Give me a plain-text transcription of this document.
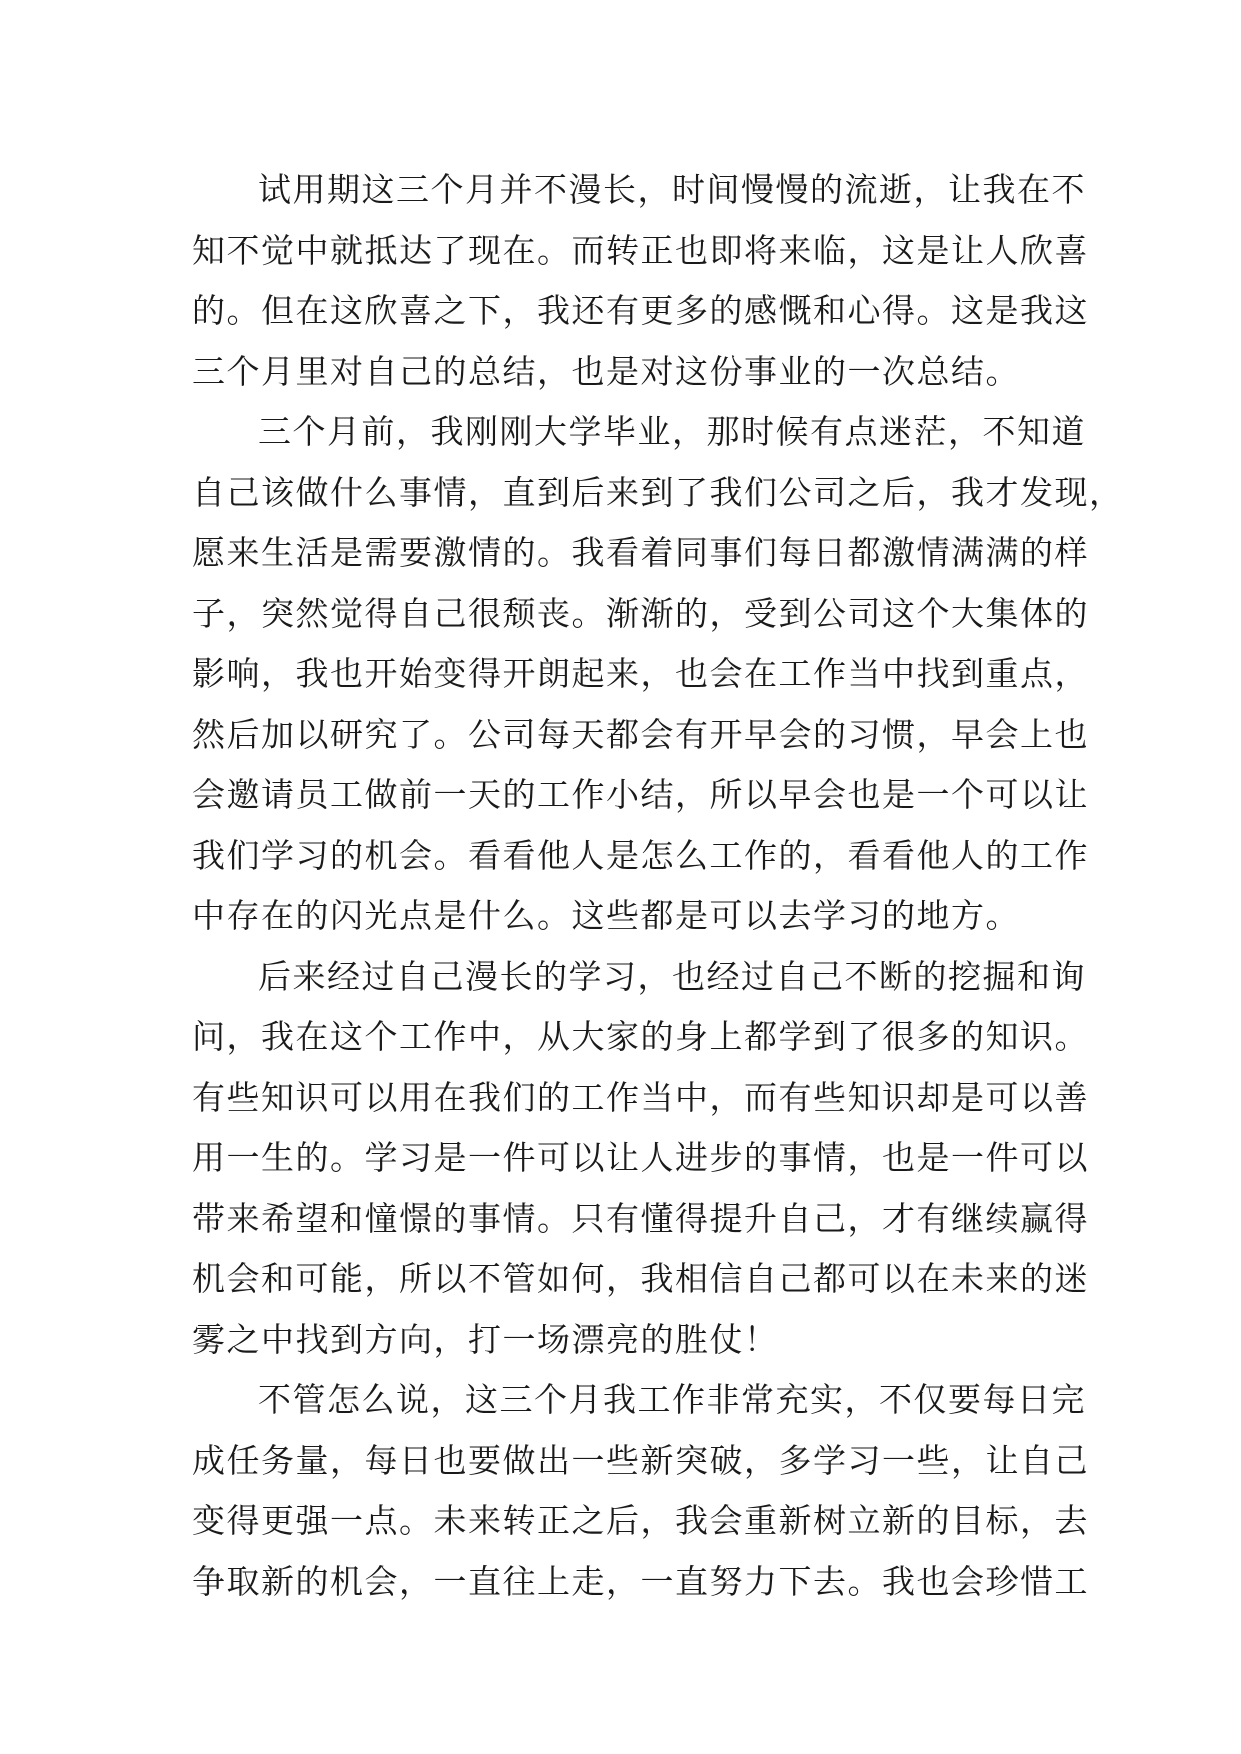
试用期这三个月并不漫长，时间慢慢的流逝，让我在不
知不觉中就抵达了现在。而转正也即将来临，这是让人欣喜
的。但在这欣喜之下，我还有更多的感慨和心得。这是我这
三个月里对自己的总结，也是对这份事业的一次总结。
三个月前，我刚刚大学毕业，那时候有点迷茫，不知道
自己该做什么事情，直到后来到了我们公司之后，我才发现，
愿来生活是需要激情的。我看着同事们每日都激情满满的样
子，突然觉得自己很颓丧。渐渐的，受到公司这个大集体的
影响，我也开始变得开朗起来，也会在工作当中找到重点，
然后加以研究了。公司每天都会有开早会的习惯，早会上也
会邀请员工做前一天的工作小结，所以早会也是一个可以让
我们学习的机会。看看他人是怎么工作的，看看他人的工作
中存在的闪光点是什么。这些都是可以去学习的地方。
后来经过自己漫长的学习，也经过自己不断的挖掘和询
问，我在这个工作中，从大家的身上都学到了很多的知识。
有些知识可以用在我们的工作当中，而有些知识却是可以善
用一生的。学习是一件可以让人进步的事情，也是一件可以
带来希望和憧憬的事情。只有懂得提升自己，才有继续赢得
机会和可能，所以不管如何，我相信自己都可以在未来的迷
雾之中找到方向，打一场漂亮的胜仗！
不管怎么说，这三个月我工作非常充实，不仅要每日完
成任务量，每日也要做出一些新突破，多学习一些，让自己
变得更强一点。未来转正之后，我会重新树立新的目标，去
争取新的机会，一直往上走，一直努力下去。我也会珍惜工
